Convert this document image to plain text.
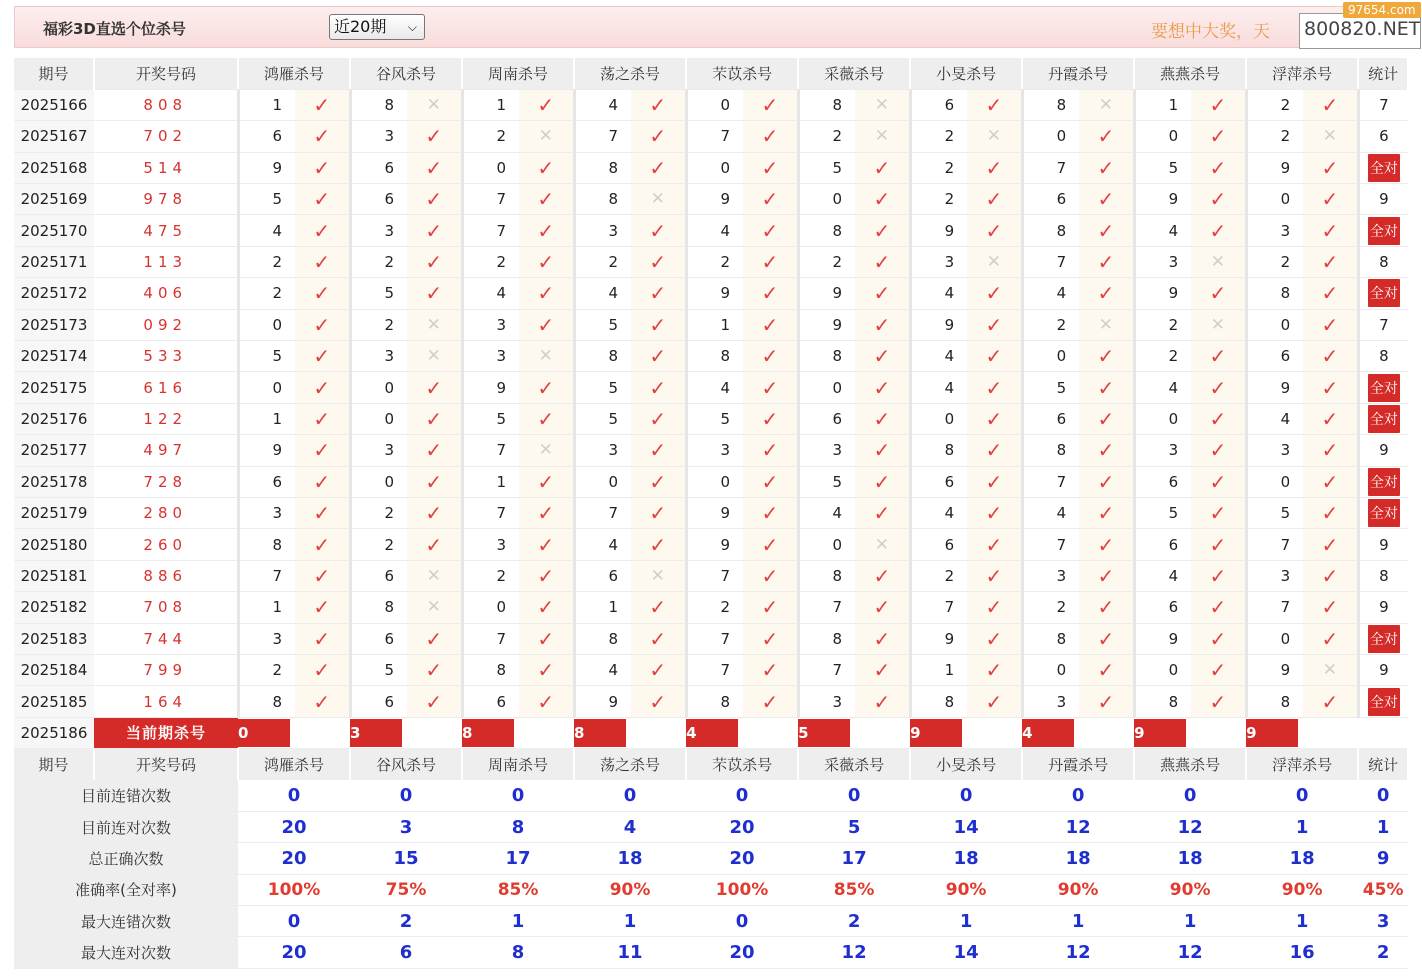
福彩3D直选个位杀号	近20期 ⌵	要想中大奖，天 800820.NET
97654.com
期号	开奖号码	鸿雁杀号		谷风杀号		周南杀号		荡之杀号		芣苡杀号		采薇杀号		小旻杀号		丹霞杀号		燕燕杀号		浮萍杀号		统计
2025166	808	1	✓	8	✕	1	✓	4	✓	0	✓	8	✕	6	✓	8	✕	1	✓	2	✓	7
2025167	702	6	✓	3	✓	2	✕	7	✓	7	✓	2	✕	2	✕	0	✓	0	✓	2	✕	6
2025168	514	9	✓	6	✓	0	✓	8	✓	0	✓	5	✓	2	✓	7	✓	5	✓	9	✓	全对
2025169	978	5	✓	6	✓	7	✓	8	✕	9	✓	0	✓	2	✓	6	✓	9	✓	0	✓	9
2025170	475	4	✓	3	✓	7	✓	3	✓	4	✓	8	✓	9	✓	8	✓	4	✓	3	✓	全对
2025171	113	2	✓	2	✓	2	✓	2	✓	2	✓	2	✓	3	✕	7	✓	3	✕	2	✓	8
2025172	406	2	✓	5	✓	4	✓	4	✓	9	✓	9	✓	4	✓	4	✓	9	✓	8	✓	全对
2025173	092	0	✓	2	✕	3	✓	5	✓	1	✓	9	✓	9	✓	2	✕	2	✕	0	✓	7
2025174	533	5	✓	3	✕	3	✕	8	✓	8	✓	8	✓	4	✓	0	✓	2	✓	6	✓	8
2025175	616	0	✓	0	✓	9	✓	5	✓	4	✓	0	✓	4	✓	5	✓	4	✓	9	✓	全对
2025176	122	1	✓	0	✓	5	✓	5	✓	5	✓	6	✓	0	✓	6	✓	0	✓	4	✓	全对
2025177	497	9	✓	3	✓	7	✕	3	✓	3	✓	3	✓	8	✓	8	✓	3	✓	3	✓	9
2025178	728	6	✓	0	✓	1	✓	0	✓	0	✓	5	✓	6	✓	7	✓	6	✓	0	✓	全对
2025179	280	3	✓	2	✓	7	✓	7	✓	9	✓	4	✓	4	✓	4	✓	5	✓	5	✓	全对
2025180	260	8	✓	2	✓	3	✓	4	✓	9	✓	0	✕	6	✓	7	✓	6	✓	7	✓	9
2025181	886	7	✓	6	✕	2	✓	6	✕	7	✓	8	✓	2	✓	3	✓	4	✓	3	✓	8
2025182	708	1	✓	8	✕	0	✓	1	✓	2	✓	7	✓	7	✓	2	✓	6	✓	7	✓	9
2025183	744	3	✓	6	✓	7	✓	8	✓	7	✓	8	✓	9	✓	8	✓	9	✓	0	✓	全对
2025184	799	2	✓	5	✓	8	✓	4	✓	7	✓	7	✓	1	✓	0	✓	0	✓	9	✕	9
2025185	164	8	✓	6	✓	6	✓	9	✓	8	✓	3	✓	8	✓	3	✓	8	✓	8	✓	全对
2025186	当前期杀号	0		3		8		8		4		5		9		4		9		9		
期号	开奖号码	鸿雁杀号		谷风杀号		周南杀号		荡之杀号		芣苡杀号		采薇杀号		小旻杀号		丹霞杀号		燕燕杀号		浮萍杀号		统计
目前连错次数		0		0		0		0		0		0		0		0		0		0		0
目前连对次数		20		3		8		4		20		5		14		12		12		1		1
总正确次数		20		15		17		18		20		17		18		18		18		18		9
准确率(全对率)		100%		75%		85%		90%		100%		85%		90%		90%		90%		90%		45%
最大连错次数		0		2		1		1		0		2		1		1		1		1		3
最大连对次数		20		6		8		11		20		12		14		12		12		16		2
